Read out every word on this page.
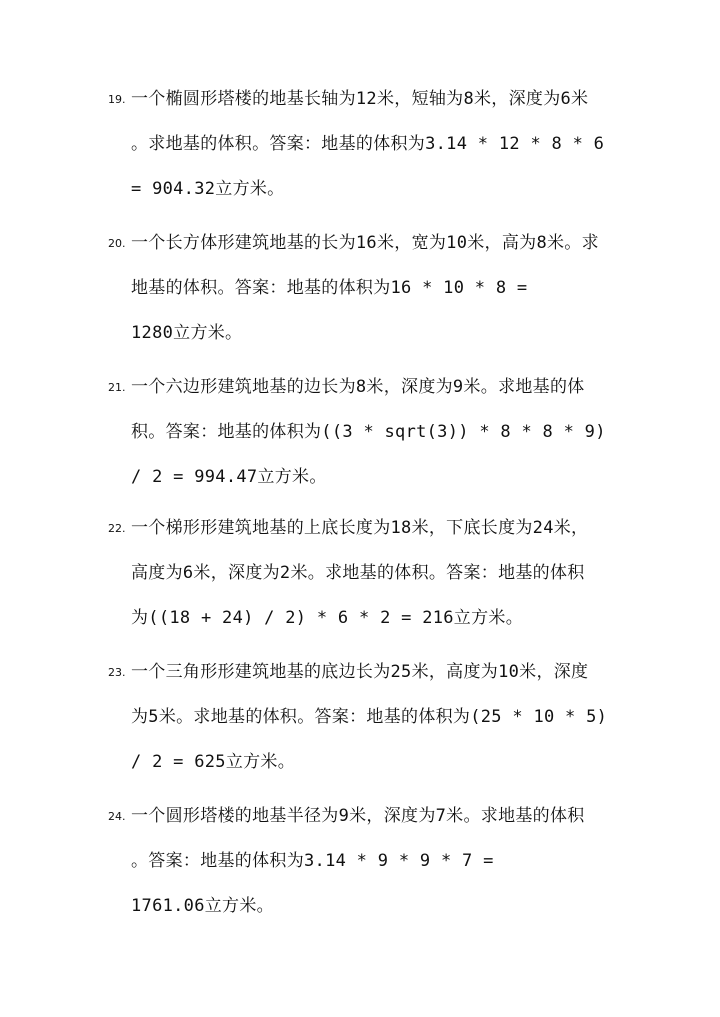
19. 一个椭圆形塔楼的地基长轴为12米，短轴为8米，深度为6米
。求地基的体积。答案：地基的体积为3.14 * 12 * 8 * 6
= 904.32立方米。
20. 一个长方体形建筑地基的长为16米，宽为10米，高为8米。求
地基的体积。答案：地基的体积为16 * 10 * 8 =
1280立方米。
21. 一个六边形建筑地基的边长为8米，深度为9米。求地基的体
积。答案：地基的体积为((3 * sqrt(3)) * 8 * 8 * 9)
/ 2 = 994.47立方米。
22. 一个梯形形建筑地基的上底长度为18米，下底长度为24米，
高度为6米，深度为2米。求地基的体积。答案：地基的体积
为((18 + 24) / 2) * 6 * 2 = 216立方米。
23. 一个三角形形建筑地基的底边长为25米，高度为10米，深度
为5米。求地基的体积。答案：地基的体积为(25 * 10 * 5)
/ 2 = 625立方米。
24. 一个圆形塔楼的地基半径为9米，深度为7米。求地基的体积
。答案：地基的体积为3.14 * 9 * 9 * 7 =
1761.06立方米。
